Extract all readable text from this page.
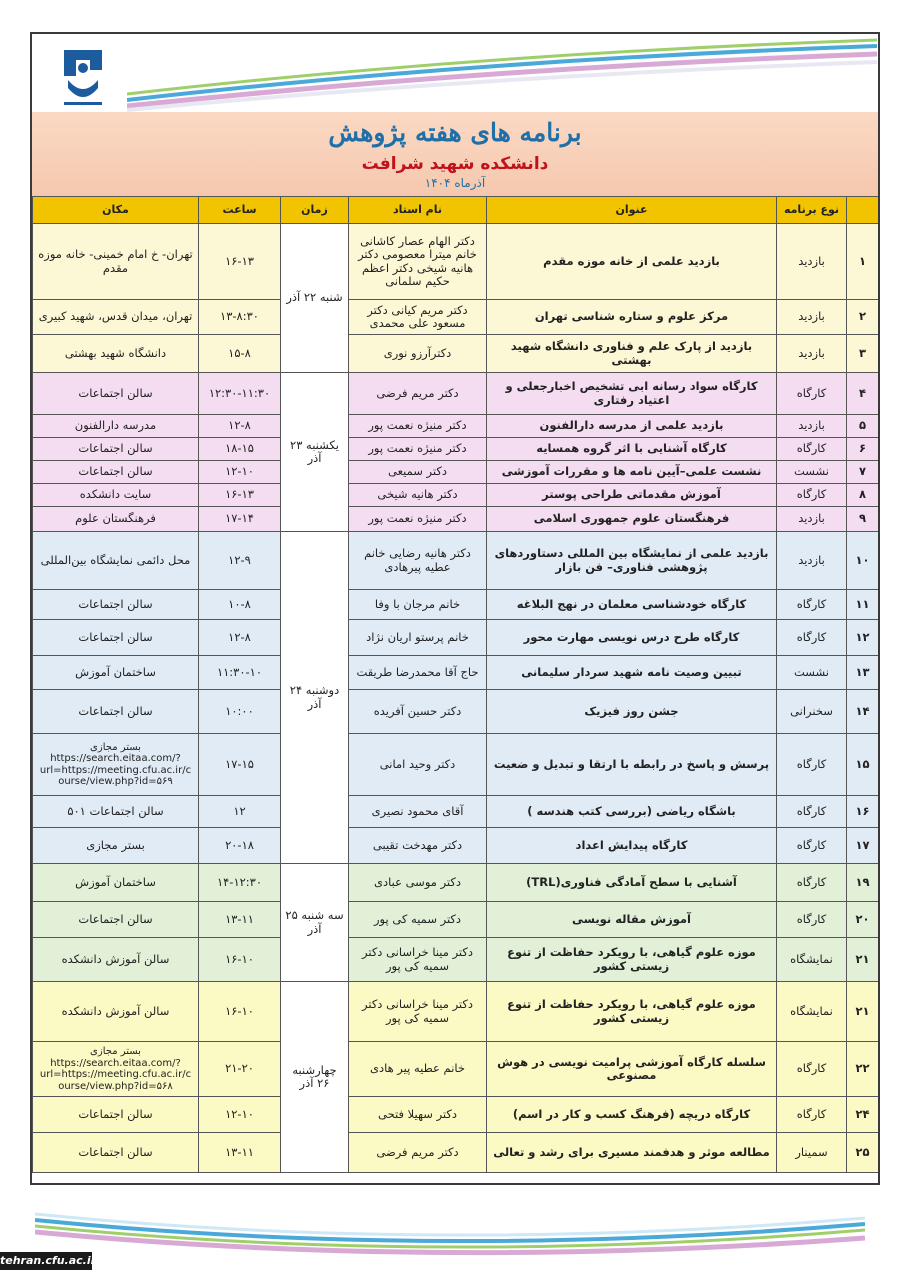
برنامه های هفته پژوهش
دانشکده شهید شرافت
آذرماه ۱۴۰۴
	نوع برنامه	عنوان	نام استاد	زمان	ساعت	مکان
۱	بازدید	بازدید علمی از خانه موزه مقدم	دکتر الهام عصار کاشانی خانم میترا معصومی دکتر هانیه شیخی دکتر اعظم حکیم سلمانی	شنبه ۲۲ آذر	۱۶-۱۳	تهران- خ امام خمینی- خانه موزه مقدم
۲	بازدید	مرکز علوم و ستاره شناسی تهران	دکتر مریم کیانی دکتر مسعود علی محمدی		۱۳-۸:۳۰	تهران، میدان قدس، شهید کبیری
۳	بازدید	بازدید از پارک علم و فناوری دانشگاه شهید بهشتی	دکترآرزو نوری		۱۵-۸	دانشگاه شهید بهشتی
۴	کارگاه	کارگاه سواد رسانه ابی تشخیص اخبارجعلی و اعتیاد رفتاری	دکتر مریم فرضی	یکشنبه ۲۳ آذر	۱۲:۳۰-۱۱:۳۰	سالن اجتماعات
۵	بازدید	بازدید علمی از مدرسه دارالفنون	دکتر منیژه نعمت پور		۱۲-۸	مدرسه دارالفنون
۶	کارگاه	کارگاه آشنایی با اثر گروه همسایه	دکتر منیژه نعمت پور		۱۸-۱۵	سالن اجتماعات
۷	نشست	نشست علمی–آیین نامه ها و مقررات آموزشی	دکتر سمیعی		۱۲-۱۰	سالن اجتماعات
۸	کارگاه	آموزش مقدماتی طراحی پوستر	دکتر هانیه شیخی		۱۶-۱۳	سایت دانشکده
۹	بازدید	فرهنگستان علوم جمهوری اسلامی	دکتر منیژه نعمت پور		۱۷-۱۴	فرهنگستان علوم
۱۰	بازدید	بازدید علمی از نمایشگاه بین المللی دستاوردهای پژوهشی فناوری– فن بازار	دکتر هانیه رضایی خانم عطیه پیرهادی	دوشنبه ۲۴ آذر	۱۲-۹	محل دائمی نمایشگاه بین‌المللی
۱۱	کارگاه	کارگاه خودشناسی معلمان در نهج البلاغه	خانم مرجان با وفا		۱۰-۸	سالن اجتماعات
۱۲	کارگاه	کارگاه طرح درس نویسی مهارت محور	خانم پرستو اریان نژاد		۱۲-۸	سالن اجتماعات
۱۳	نشست	تبیین وصیت نامه شهید سردار سلیمانی	حاج آقا محمدرضا طریقت		۱۱:۳۰-۱۰	ساختمان آموزش
۱۴	سخنرانی	جشن روز فیزیک	دکتر حسین آفریده		۱۰:۰۰	سالن اجتماعات
۱۵	کارگاه	پرسش و پاسخ در رابطه با ارتقا و تبدیل و ضعیت	دکتر وحید امانی		۱۷-۱۵	بستر مجازی https://search.eitaa.com/?url=https://meeting.cfu.ac.ir/course/view.php?id=۵۶۹
۱۶	کارگاه	باشگاه ریاضی (بررسی کتب هندسه )	آقای محمود نصیری		۱۲	سالن اجتماعات ۵۰۱
۱۷	کارگاه	کارگاه پیدایش اعداد	دکتر مهدخت تقیبی		۲۰-۱۸	بستر مجازی
۱۹	کارگاه	آشنایی با سطح آمادگی فناوری(TRL)	دکتر موسی عبادی	سه شنبه ۲۵ آذر	۱۴-۱۲:۳۰	ساختمان آموزش
۲۰	کارگاه	آموزش مقاله نویسی	دکتر سمیه کی پور		۱۳-۱۱	سالن اجتماعات
۲۱	نمایشگاه	موزه علوم گیاهی، با رویکرد حفاظت از تنوع زیستی کشور	دکتر مینا خراسانی دکتر سمیه کی پور		۱۶-۱۰	سالن آموزش دانشکده
۲۱	نمایشگاه	موزه علوم گیاهی، با رویکرد حفاظت از تنوع زیستی کشور	دکتر مینا خراسانی دکتر سمیه کی پور	چهارشنبه ۲۶ آذر	۱۶-۱۰	سالن آموزش دانشکده
۲۲	کارگاه	سلسله کارگاه آموزشی پرامیت نویسی در هوش مصنوعی	خانم عطیه پیر هادی		۲۱-۲۰	بستر مجازی https://search.eitaa.com/?url=https://meeting.cfu.ac.ir/course/view.php?id=۵۶۸
۲۴	کارگاه	کارگاه دریچه (فرهنگ کسب و کار در اسم)	دکتر سهیلا فتحی		۱۲-۱۰	سالن اجتماعات
۲۵	سمینار	مطالعه موثر و هدفمند مسیری برای رشد و تعالی	دکتر مریم فرضی		۱۳-۱۱	سالن اجتماعات
tehran.cfu.ac.ir
